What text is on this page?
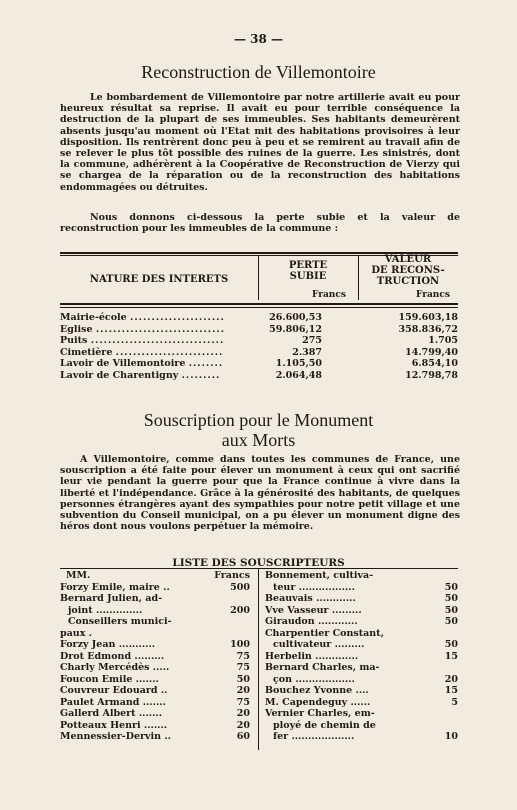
— 38 —
Reconstruction de Villemontoire
Le bombardement de Villemontoire par notre artillerie avait eu pour heureux résultat sa reprise. Il avait eu pour terrible conséquence la destruction de la plupart de ses immeubles. Ses habitants demeurèrent absents jusqu'au moment où l'Etat mit des habitations provisoires à leur disposition. Ils rentrèrent donc peu à peu et se remirent au travail afin de se relever le plus tôt possible des ruines de la guerre. Les sinistrés, dont la commune, adhérèrent à la Coopérative de Reconstruction de Vierzy qui se chargea de la réparation ou de la reconstruction des habitations endommagées ou détruites.
Nous donnons ci-dessous la perte subie et la valeur de reconstruction pour les immeubles de la commune :
NATURE DES INTERETS
PERTE
SUBIE
VALEUR
DE RECONS-
TRUCTION
Francs	Francs
Mairie-école ......................	26.600,53	159.603,18
Eglise ..............................	59.806,12	358.836,72
Puits ...............................	275	1.705
Cimetière .........................	2.387	14.799,40
Lavoir de Villemontoire ........	1.105,50	6.854,10
Lavoir de Charentigny .........	2.064,48	12.798,78
Souscription pour le Monument
aux Morts
A Villemontoire, comme dans toutes les communes de France, une souscription a été faite pour élever un monument à ceux qui ont sacrifié leur vie pendant la guerre pour que la France continue à vivre dans la liberté et l'indépendance. Grâce à la générosité des habitants, de quelques personnes étrangères ayant des sympathies pour notre petit village et une subvention du Conseil municipal, on a pu élever un monument digne des héros dont nous voulons perpétuer la mémoire.
LISTE DES SOUSCRIPTEURS
MM.	Francs
Forzy Emile, maire ..	500
Bernard Julien, ad-
joint ..............	200
Conseillers munici-
paux .
Forzy Jean ...........	100
Drot Edmond .........	75
Charly Mercédès .....	75
Foucon Emile .......	50
Couvreur Edouard ..	20
Paulet Armand .......	75
Gallerd Albert .......	20
Potteaux Henri .......	20
Mennessier-Dervin ..	60
Bonnement, cultiva-
teur .................	50
Beauvais ............	50
Vve Vasseur .........	50
Giraudon ............	50
Charpentier Constant,
cultivateur .........	50
Herbelin .............	15
Bernard Charles, ma-
çon ..................	20
Bouchez Yvonne ....	15
M. Capendeguy ......	5
Vernier Charles, em-
ployé de chemin de
fer ...................	10
